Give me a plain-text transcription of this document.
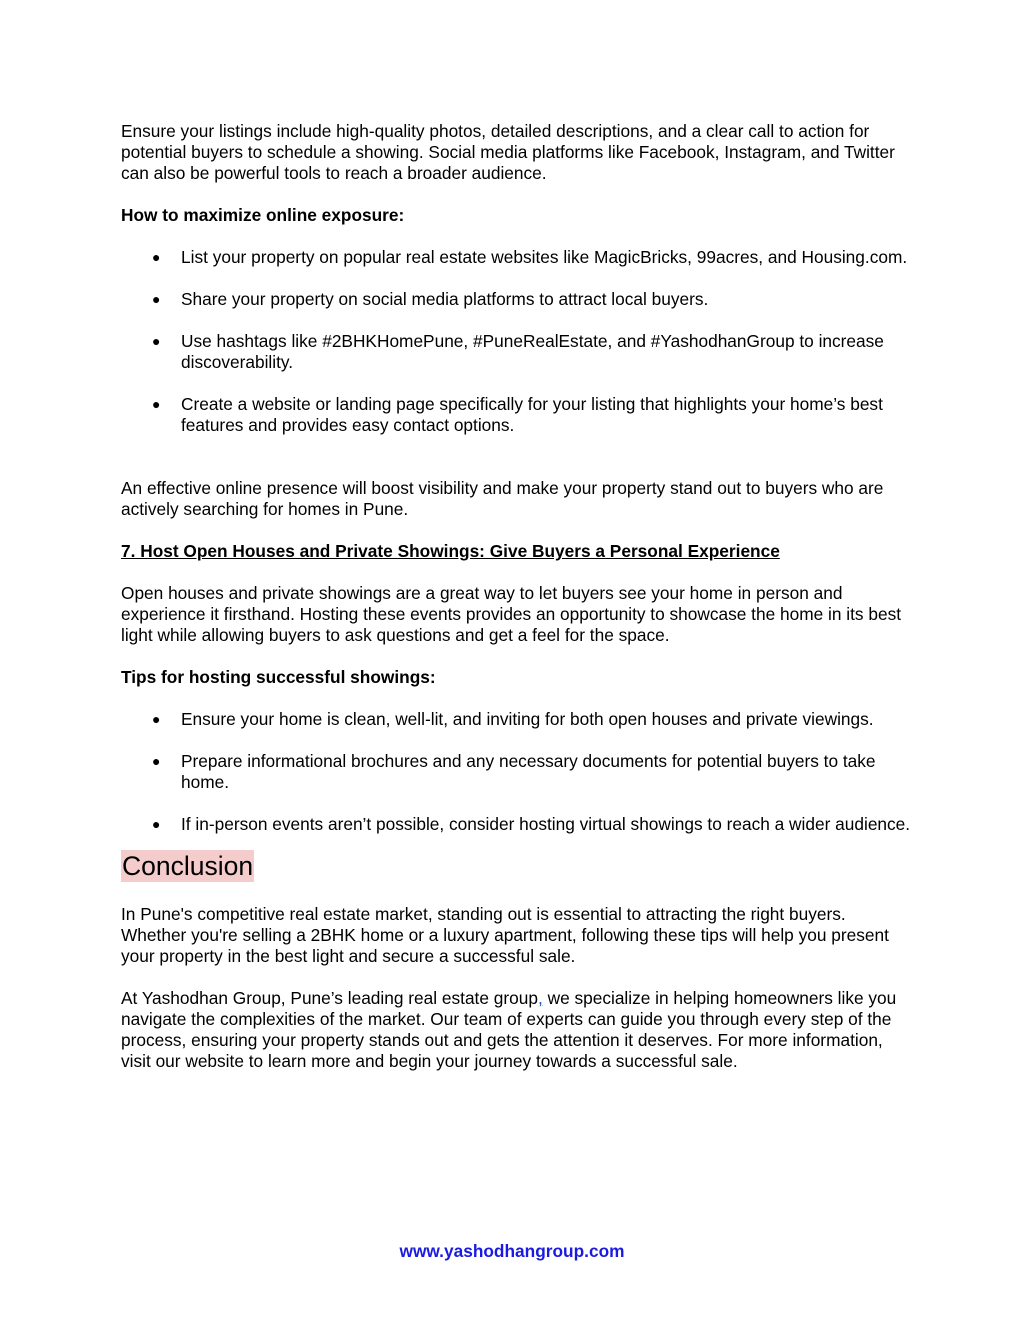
Ensure your listings include high-quality photos, detailed descriptions, and a clear call to action for potential buyers to schedule a showing. Social media platforms like Facebook, Instagram, and Twitter can also be powerful tools to reach a broader audience.

How to maximize online exposure:

● List your property on popular real estate websites like MagicBricks, 99acres, and Housing.com.
● Share your property on social media platforms to attract local buyers.
● Use hashtags like #2BHKHomePune, #PuneRealEstate, and #YashodhanGroup to increase discoverability.
● Create a website or landing page specifically for your listing that highlights your home’s best features and provides easy contact options.

An effective online presence will boost visibility and make your property stand out to buyers who are actively searching for homes in Pune.

7. Host Open Houses and Private Showings: Give Buyers a Personal Experience

Open houses and private showings are a great way to let buyers see your home in person and experience it firsthand. Hosting these events provides an opportunity to showcase the home in its best light while allowing buyers to ask questions and get a feel for the space.

Tips for hosting successful showings:

● Ensure your home is clean, well-lit, and inviting for both open houses and private viewings.
● Prepare informational brochures and any necessary documents for potential buyers to take home.
● If in-person events aren’t possible, consider hosting virtual showings to reach a wider audience.
Conclusion

In Pune's competitive real estate market, standing out is essential to attracting the right buyers. Whether you're selling a 2BHK home or a luxury apartment, following these tips will help you present your property in the best light and secure a successful sale.

At Yashodhan Group, Pune’s leading real estate group, we specialize in helping homeowners like you navigate the complexities of the market. Our team of experts can guide you through every step of the process, ensuring your property stands out and gets the attention it deserves. For more information, visit our website to learn more and begin your journey towards a successful sale.

www.yashodhangroup.com
